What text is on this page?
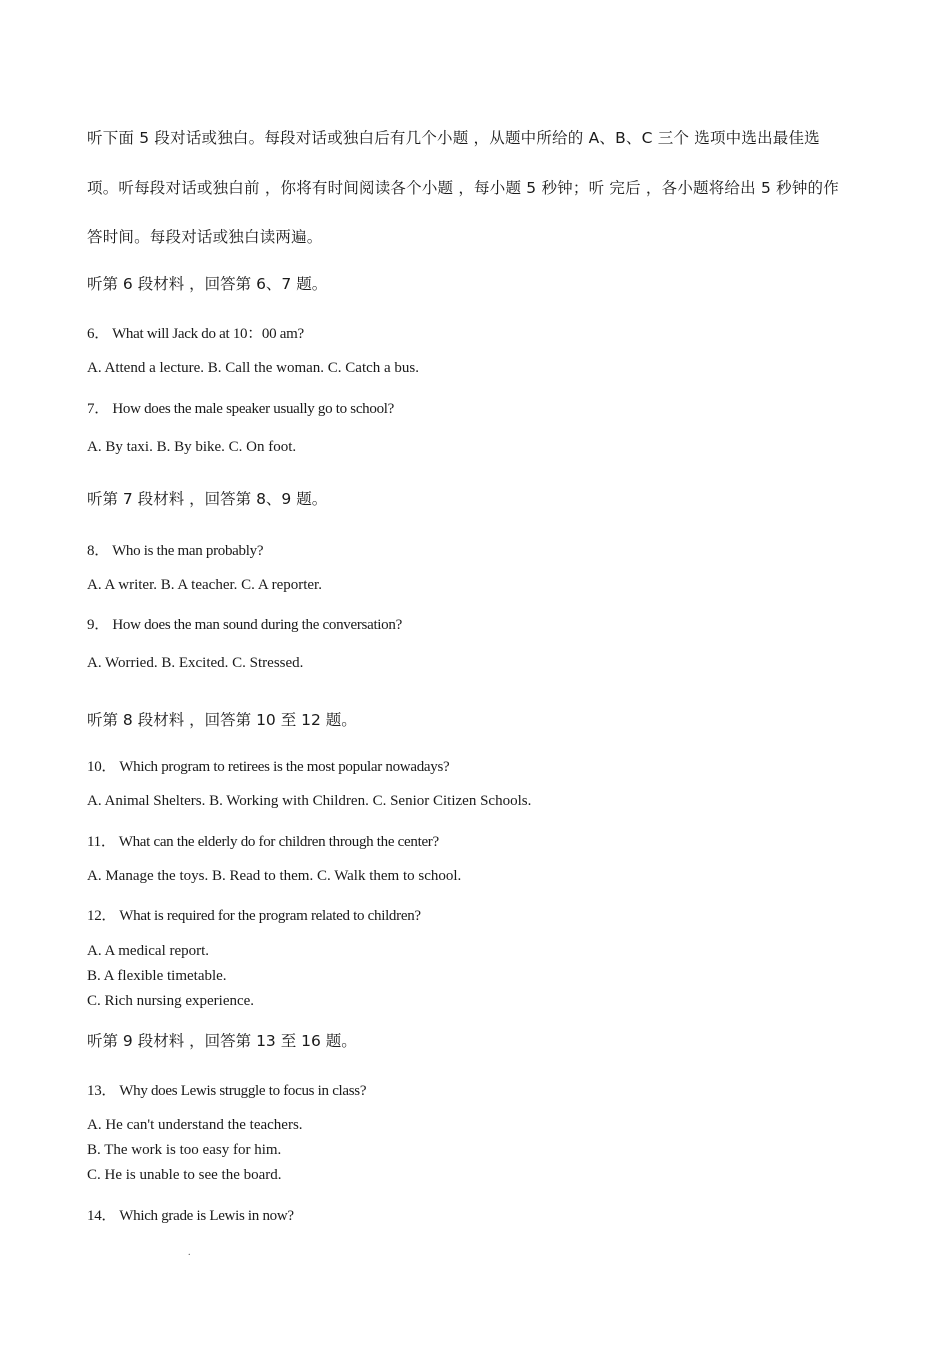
听下面 5 段对话或独白。每段对话或独白后有几个小题 ，从题中所给的 A、B、C 三个 选项中选出最佳选
项。听每段对话或独白前 ，你将有时间阅读各个小题 ，每小题 5 秒钟；听 完后 ，各小题将给出 5 秒钟的作
答时间。每段对话或独白读两遍。
听第 6 段材料 ，回答第 6、7 题。
6． What will Jack do at 10：00 am?
A. Attend a lecture. B. Call the woman. C. Catch a bus.
7． How does the male speaker usually go to school?
A. By taxi. B. By bike. C. On foot.
听第 7 段材料 ，回答第 8、9 题。
8． Who is the man probably?
A. A writer. B. A teacher. C. A reporter.
9． How does the man sound during the conversation?
A. Worried. B. Excited. C. Stressed.
听第 8 段材料 ，回答第 10 至 12 题。
10． Which program to retirees is the most popular nowadays?
A. Animal Shelters. B. Working with Children. C. Senior Citizen Schools.
11． What can the elderly do for children through the center?
A. Manage the toys. B. Read to them. C. Walk them to school.
12． What is required for the program related to children?
A. A medical report.
B. A flexible timetable.
C. Rich nursing experience.
听第 9 段材料 ，回答第 13 至 16 题。
13． Why does Lewis struggle to focus in class?
A. He can't understand the teachers.
B. The work is too easy for him.
C. He is unable to see the board.
14． Which grade is Lewis in now?
.
